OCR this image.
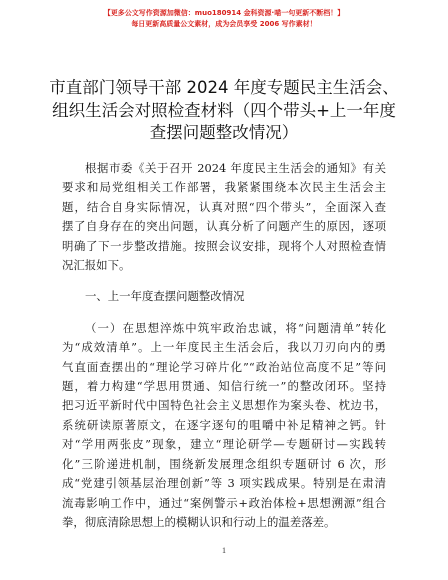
【更多公文写作资源加微信：muo180914 金科资源·喵一句更新不断档！】
每日更新高质量公文素材，成为会员享受 2006 写作素材！
市直部门领导干部 2024 年度专题民主生活会、
组织生活会对照检查材料（四个带头+上一年度
查摆问题整改情况）

根据市委《关于召开 2024 年度民主生活会的通知》有关

要求和局党组相关工作部署，我紧紧围绕本次民主生活会主

题，结合自身实际情况，认真对照“四个带头”，全面深入查

摆了自身存在的突出问题，认真分析了问题产生的原因，逐项

明确了下一步整改措施。按照会议安排，现将个人对照检查情

况汇报如下。

一、上一年度查摆问题整改情况

（一）在思想淬炼中筑牢政治忠诚，将“问题清单”转化

为“成效清单”。上一年度民主生活会后，我以刀刃向内的勇

气直面查摆出的“理论学习碎片化”“政治站位高度不足”等问

题，着力构建“学思用贯通、知信行统一”的整改闭环。坚持

把习近平新时代中国特色社会主义思想作为案头卷、枕边书，

系统研读原著原文，在逐字逐句的咀嚼中补足精神之钙。针

对“学用两张皮”现象，建立“理论研学—专题研讨—实践转

化”三阶递进机制，围绕新发展理念组织专题研讨 6 次，形

成“党建引领基层治理创新”等 3 项实践成果。特别是在肃清

流毒影响工作中，通过“案例警示+政治体检+思想溯源”组合

拳，彻底清除思想上的模糊认识和行动上的温差落差。

1
